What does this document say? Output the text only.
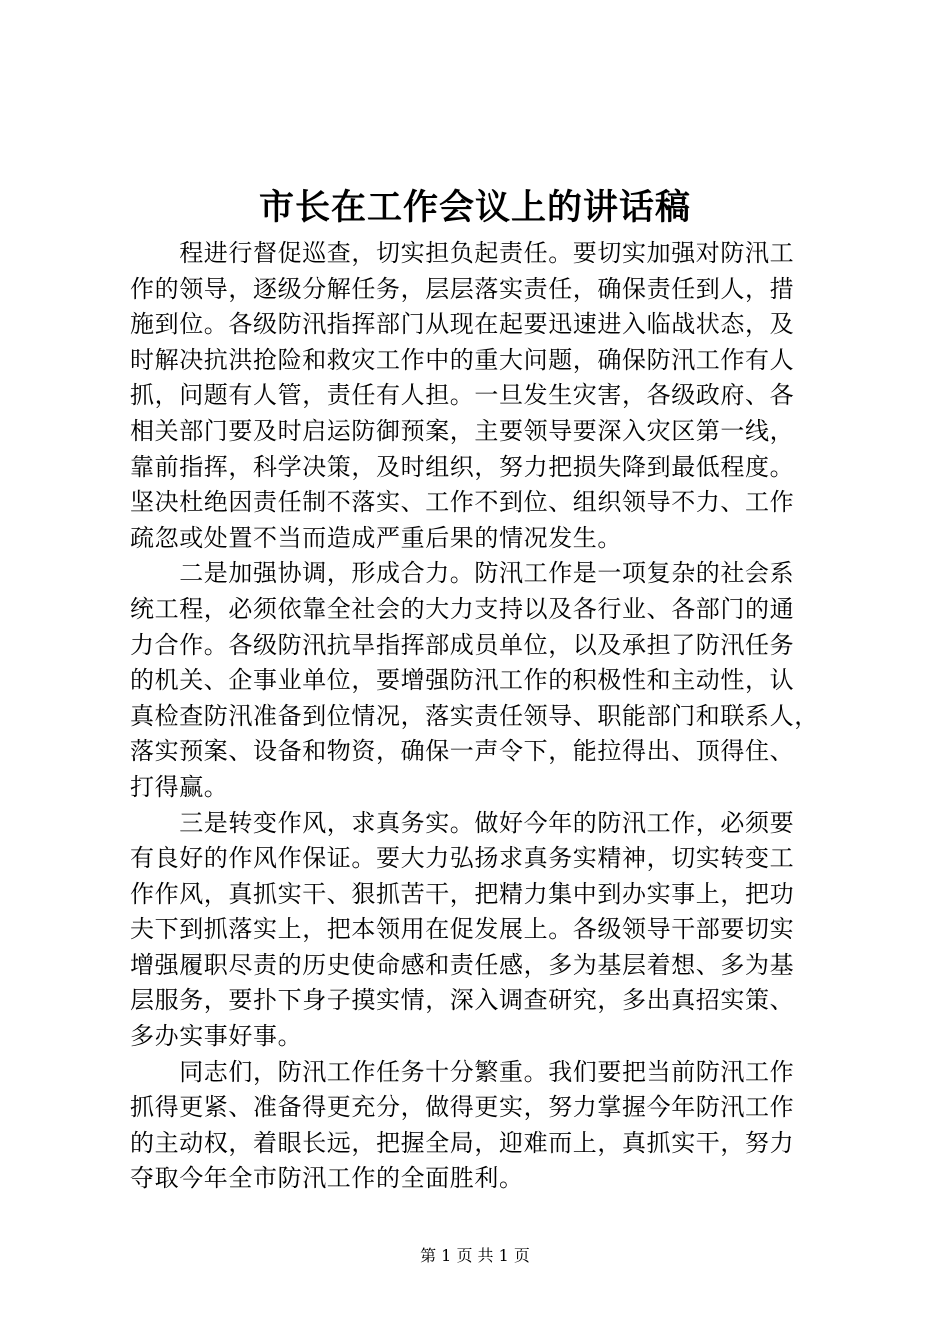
市长在工作会议上的讲话稿
　　程进行督促巡查，切实担负起责任。要切实加强对防汛工
作的领导，逐级分解任务，层层落实责任，确保责任到人，措
施到位。各级防汛指挥部门从现在起要迅速进入临战状态，及
时解决抗洪抢险和救灾工作中的重大问题，确保防汛工作有人
抓，问题有人管，责任有人担。一旦发生灾害，各级政府、各
相关部门要及时启运防御预案，主要领导要深入灾区第一线，
靠前指挥，科学决策，及时组织，努力把损失降到最低程度。
坚决杜绝因责任制不落实、工作不到位、组织领导不力、工作
疏忽或处置不当而造成严重后果的情况发生。
　　二是加强协调，形成合力。防汛工作是一项复杂的社会系
统工程，必须依靠全社会的大力支持以及各行业、各部门的通
力合作。各级防汛抗旱指挥部成员单位，以及承担了防汛任务
的机关、企事业单位，要增强防汛工作的积极性和主动性，认
真检查防汛准备到位情况，落实责任领导、职能部门和联系人，
落实预案、设备和物资，确保一声令下，能拉得出、顶得住、
打得赢。
　　三是转变作风，求真务实。做好今年的防汛工作，必须要
有良好的作风作保证。要大力弘扬求真务实精神，切实转变工
作作风，真抓实干、狠抓苦干，把精力集中到办实事上，把功
夫下到抓落实上，把本领用在促发展上。各级领导干部要切实
增强履职尽责的历史使命感和责任感，多为基层着想、多为基
层服务，要扑下身子摸实情，深入调查研究，多出真招实策、
多办实事好事。
　　同志们，防汛工作任务十分繁重。我们要把当前防汛工作
抓得更紧、准备得更充分，做得更实，努力掌握今年防汛工作
的主动权，着眼长远，把握全局，迎难而上，真抓实干，努力
夺取今年全市防汛工作的全面胜利。
第 1 页 共 1 页
